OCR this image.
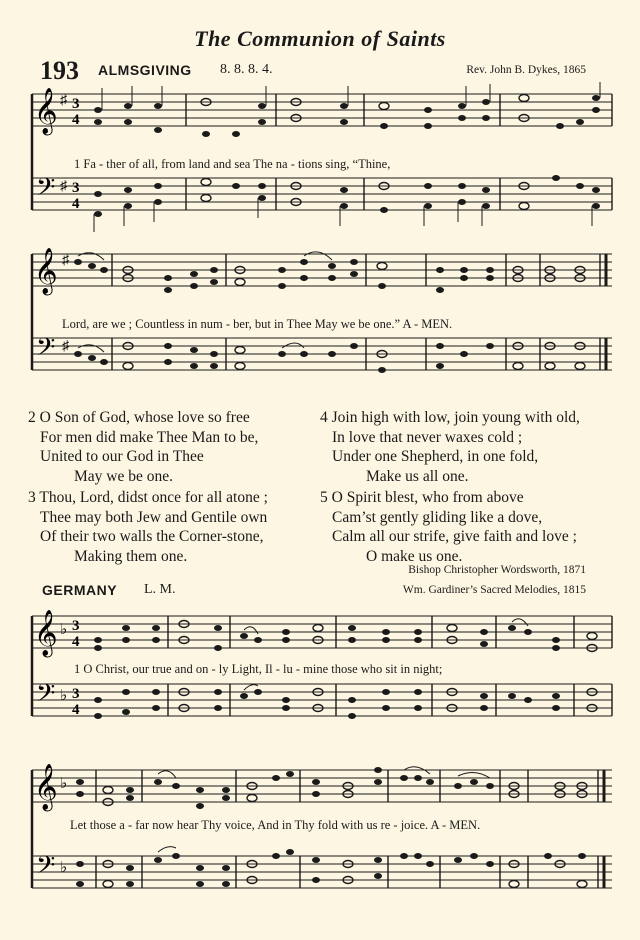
The Communion of Saints
193 ALMSGIVING 8. 8. 8. 4.	Rev. John B. Dykes, 1865
𝄞
𝄢
♯
♯
3
4
3
4
1 Fa - ther of all, from land and sea The na - tions sing, “Thine,
𝄞
𝄢
♯
♯
Lord, are we ; Countless in num - ber, but in Thee May we be one.” A - MEN.
2 O Son of God, whose love so free
For men did make Thee Man to be,
United to our God in Thee
May we be one.
3 Thou, Lord, didst once for all atone ;
Thee may both Jew and Gentile own
Of their two walls the Corner-stone,
Making them one.
4 Join high with low, join young with old,
In love that never waxes cold ;
Under one Shepherd, in one fold,
Make us all one.
5 O Spirit blest, who from above
Cam’st gently gliding like a dove,
Calm all our strife, give faith and love ;
O make us one.
Bishop Christopher Wordsworth, 1871
GERMANY L. M.	Wm. Gardiner’s Sacred Melodies, 1815
𝄞
𝄢
♭
♭
3
4
3
4
1 O Christ, our true and on - ly Light, Il - lu - mine those who sit in night;
𝄞
𝄢
♭
♭
Let those a - far now hear Thy voice, And in Thy fold with us re - joice. A - MEN.
